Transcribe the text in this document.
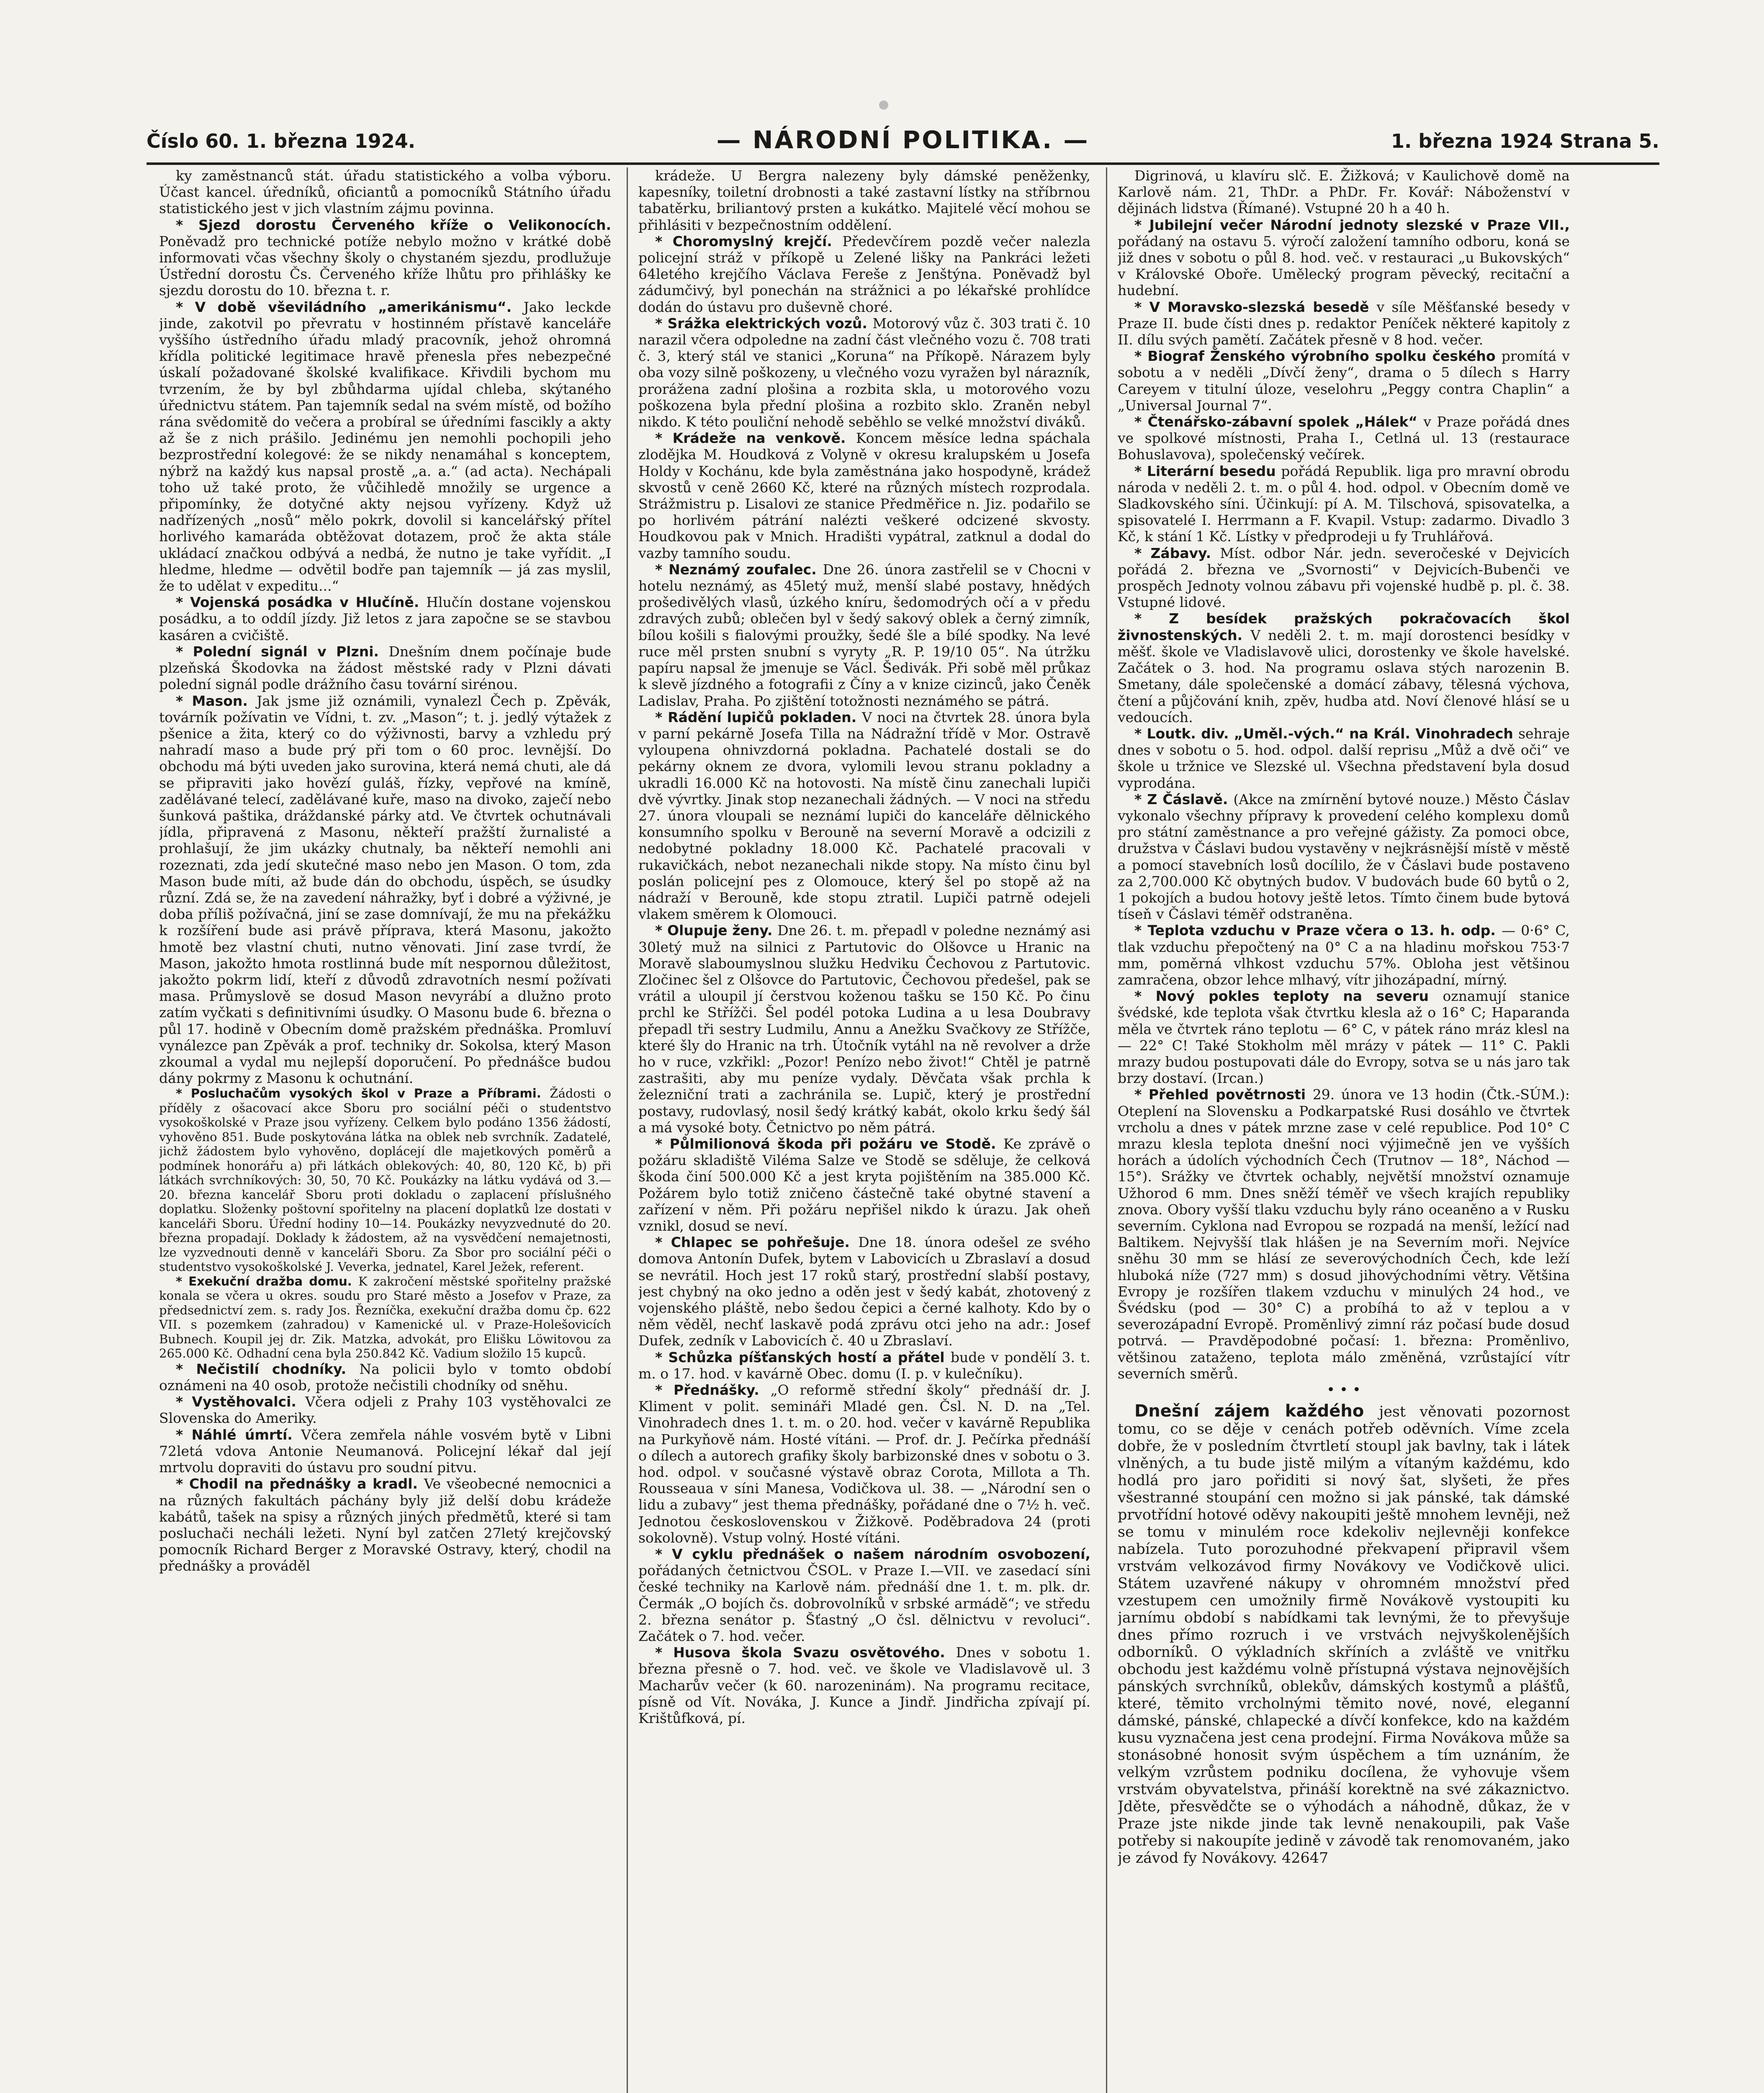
Číslo 60. 1. března 1924.	— NÁRODNÍ POLITIKA. —	1. března 1924 Strana 5.

ky zaměstnanců stát. úřadu statistického a volba výboru. Účast kancel. úředníků, oficiantů a pomocníků Státního úřadu statistického jest v jich vlastním zájmu povinna.

* Sjezd dorostu Červeného kříže o Velikonocích. Poněvadž pro technické potíže nebylo možno v krátké době informovati včas všechny školy o chystaném sjezdu, prodlužuje Ústřední dorostu Čs. Červeného kříže lhůtu pro přihlášky ke sjezdu dorostu do 10. března t. r.

* V době vševiládního „amerikánismu“. Jako leckde jinde, zakotvil po převratu v hostinném přístavě kanceláře vyššího ústředního úřadu mladý pracovník, jehož ohromná křídla politické legitimace hravě přenesla přes nebezpečné úskalí požadované školské kvalifikace. Křivdili bychom mu tvrzením, že by byl zbůhdarma ujídal chleba, skýtaného úřednictvu státem. Pan tajemník sedal na svém místě, od božího rána svědomitě do večera a probíral se úředními fascikly a akty až še z nich prášilo. Jedinému jen nemohli pochopili jeho bezprostřední kolegové: že se nikdy nenamáhal s konceptem, nýbrž na každý kus napsal prostě „a. a.“ (ad acta). Nechápali toho už také proto, že vůčihledě množily se urgence a připomínky, že dotyčné akty nejsou vyřízeny. Když už nadřízených „nosů“ mělo pokrk, dovolil si kancelářský přítel horlivého kamaráda obtěžovat dotazem, proč že akta stále ukládací značkou odbývá a nedbá, že nutno je take vyřídit. „I hledme, hledme — odvětil bodře pan tajemník — já zas myslil, že to udělat v expeditu...“

* Vojenská posádka v Hlučíně. Hlučín dostane vojenskou posádku, a to oddíl jízdy. Již letos z jara započne se se stavbou kasáren a cvičiště.

* Polední signál v Plzni. Dnešním dnem počínaje bude plzeňská Škodovka na žádost městské rady v Plzni dávati polední signál podle drážního času tovární sirénou.

* Mason. Jak jsme již oznámili, vynalezl Čech p. Zpěvák, továrník požívatin ve Vídni, t. zv. „Mason“; t. j. jedlý výtažek z pšenice a žita, který co do výživnosti, barvy a vzhledu prý nahradí maso a bude prý při tom o 60 proc. levnější. Do obchodu má býti uveden jako surovina, která nemá chuti, ale dá se připraviti jako hovězí guláš, řízky, vepřové na kmíně, zadělávané telecí, zadělávané kuře, maso na divoko, zaječí nebo šunková paštika, dráždanské párky atd. Ve čtvrtek ochutnávali jídla, připravená z Masonu, někteří pražští žurnalisté a prohlašují, že jim ukázky chutnaly, ba někteří nemohli ani rozeznati, zda jedí skutečné maso nebo jen Mason. O tom, zda Mason bude míti, až bude dán do obchodu, úspěch, se úsudky různí. Zdá se, že na zavedení náhražky, byť i dobré a výživné, je doba příliš požívačná, jiní se zase domnívají, že mu na překážku k rozšíření bude asi právě příprava, která Masonu, jakožto hmotě bez vlastní chuti, nutno věnovati. Jiní zase tvrdí, že Mason, jakožto hmota rostlinná bude mít nespornou důležitost, jakožto pokrm lidí, kteří z důvodů zdravotních nesmí požívati masa. Průmyslově se dosud Mason nevyrábí a dlužno proto zatím vyčkati s definitivními úsudky. O Masonu bude 6. března o půl 17. hodině v Obecním domě pražském přednáška. Promluví vynálezce pan Zpěvák a prof. techniky dr. Sokolsa, který Mason zkoumal a vydal mu nejlepší doporučení. Po přednášce budou dány pokrmy z Masonu k ochutnání.

* Posluchačům vysokých škol v Praze a Příbrami. Žádosti o příděly z ošacovací akce Sboru pro sociální péči o studentstvo vysokoškolské v Praze jsou vyřízeny. Celkem bylo podáno 1356 žádostí, vyhověno 851. Bude poskytována látka na oblek neb svrchník. Zadatelé, jichž žádostem bylo vyhověno, doplácejí dle majetkových poměrů a podmínek honorářu a) při látkách oblekových: 40, 80, 120 Kč, b) při látkách svrchníkových: 30, 50, 70 Kč. Poukázky na látku vydává od 3.—20. března kancelář Sboru proti dokladu o zaplacení příslušného doplatku. Složenky poštovní spořitelny na placení doplatků lze dostati v kanceláři Sboru. Úřední hodiny 10—14. Poukázky nevyzvednuté do 20. března propadají. Doklady k žádostem, až na vysvědčení nemajetnosti, lze vyzvednouti denně v kanceláři Sboru. Za Sbor pro sociální péči o studentstvo vysokoškolské J. Veverka, jednatel, Karel Ježek, referent.

* Exekuční dražba domu. K zakročení městské spořitelny pražské konala se včera u okres. soudu pro Staré město a Josefov v Praze, za předsednictví zem. s. rady Jos. Řezníčka, exekuční dražba domu čp. 622 VII. s pozemkem (zahradou) v Kamenické ul. v Praze-Holešovicích Bubnech. Koupil jej dr. Zik. Matzka, advokát, pro Elišku Löwitovou za 265.000 Kč. Odhadní cena byla 250.842 Kč. Vadium složilo 15 kupců.

* Nečistilí chodníky. Na policii bylo v tomto období oznámeni na 40 osob, protože nečistili chodníky od sněhu.

* Vystěhovalci. Včera odjeli z Prahy 103 vystěhovalci ze Slovenska do Ameriky.

* Náhlé úmrtí. Včera zemřela náhle vosvém bytě v Libni 72letá vdova Antonie Neumanová. Policejní lékař dal její mrtvolu dopraviti do ústavu pro soudní pitvu.

* Chodil na přednášky a kradl. Ve všeobecné nemocnici a na různých fakultách páchány byly již delší dobu krádeže kabátů, tašek na spisy a různých jiných předmětů, které si tam posluchači necháli ležeti. Nyní byl zatčen 27letý krejčovský pomocník Richard Berger z Moravské Ostravy, který, chodil na přednášky a prováděl

krádeže. U Bergra nalezeny byly dámské peněženky, kapesníky, toiletní drobnosti a také zastavní lístky na stříbrnou tabatěrku, briliantový prsten a kukátko. Majitelé věcí mohou se přihlásiti v bezpečnostním oddělení.

* Choromyslný krejčí. Předevčírem pozdě večer nalezla policejní stráž v příkopě u Zelené lišky na Pankráci ležeti 64letého krejčího Václava Fereše z Jenštýna. Poněvadž byl zádumčivý, byl ponechán na strážnici a po lékařské prohlídce dodán do ústavu pro duševně choré.

* Srážka elektrických vozů. Motorový vůz č. 303 trati č. 10 narazil včera odpoledne na zadní část vlečného vozu č. 708 trati č. 3, který stál ve stanici „Koruna“ na Příkopě. Nárazem byly oba vozy silně poškozeny, u vlečného vozu vyražen byl nárazník, prorážena zadní plošina a rozbita skla, u motorového vozu poškozena byla přední plošina a rozbito sklo. Zraněn nebyl nikdo. K této pouliční nehodě seběhlo se velké množství diváků.

* Krádeže na venkově. Koncem měsíce ledna spáchala zlodějka M. Houdková z Volyně v okresu kralupském u Josefa Holdy v Kochánu, kde byla zaměstnána jako hospodyně, krádež skvostů v ceně 2660 Kč, které na různých místech rozprodala. Strážmistru p. Lisalovi ze stanice Předměřice n. Jiz. podařilo se po horlivém pátrání nalézti veškeré odcizené skvosty. Houdkovou pak v Mnich. Hradišti vypátral, zatknul a dodal do vazby tamního soudu.

* Neznámý zoufalec. Dne 26. února zastřelil se v Chocni v hotelu neznámý, as 45letý muž, menší slabé postavy, hnědých prošedivělých vlasů, úzkého kníru, šedomodrých očí a v předu zdravých zubů; oblečen byl v šedý sakový oblek a černý zimník, bílou košili s fialovými proužky, šedé šle a bílé spodky. Na levé ruce měl prsten snubní s vyryty „R. P. 19/10 05“. Na útržku papíru napsal že jmenuje se Václ. Šedivák. Při sobě měl průkaz k slevě jízdného a fotografii z Číny a v knize cizinců, jako Čeněk Ladislav, Praha. Po zjištění totožnosti neznámého se pátrá.

* Rádění lupičů pokladen. V noci na čtvrtek 28. února byla v parní pekárně Josefa Tilla na Nádražní třídě v Mor. Ostravě vyloupena ohnivzdorná pokladna. Pachatelé dostali se do pekárny oknem ze dvora, vylomili levou stranu pokladny a ukradli 16.000 Kč na hotovosti. Na místě činu zanechali lupiči dvě vývrtky. Jinak stop nezanechali žádných. — V noci na středu 27. února vloupali se neznámí lupiči do kanceláře dělnického konsumního spolku v Berouně na severní Moravě a odcizili z nedobytné pokladny 18.000 Kč. Pachatelé pracovali v rukavičkách, nebot nezanechali nikde stopy. Na místo činu byl poslán policejní pes z Olomouce, který šel po stopě až na nádraží v Berouně, kde stopu ztratil. Lupiči patrně odejeli vlakem směrem k Olomouci.

* Olupuje ženy. Dne 26. t. m. přepadl v poledne neznámý asi 30letý muž na silnici z Partutovic do Olšovce u Hranic na Moravě slaboumyslnou služku Hedviku Čechovou z Partutovic. Zločinec šel z Olšovce do Partutovic, Čechovou předešel, pak se vrátil a uloupil jí čerstvou koženou tašku se 150 Kč. Po činu prchl ke Střížči. Šel podél potoka Ludina a u lesa Doubravy přepadl tři sestry Ludmilu, Annu a Anežku Svačkovy ze Střížče, které šly do Hranic na trh. Útočník vytáhl na ně revolver a drže ho v ruce, vzkřikl: „Pozor! Penízo nebo život!“ Chtěl je patrně zastrašiti, aby mu peníze vydaly. Děvčata však prchla k železniční trati a zachránila se. Lupič, který je prostřední postavy, rudovlasý, nosil šedý krátký kabát, okolo krku šedý šál a má vysoké boty. Četnictvo po něm pátrá.

* Půlmilionová škoda při požáru ve Stodě. Ke zprávě o požáru skladiště Viléma Salze ve Stodě se sděluje, že celková škoda činí 500.000 Kč a jest kryta pojištěním na 385.000 Kč. Požárem bylo totiž zničeno částečně také obytné stavení a zařízení v něm. Při požáru nepřišel nikdo k úrazu. Jak oheň vznikl, dosud se neví.

* Chlapec se pohřešuje. Dne 18. února odešel ze svého domova Antonín Dufek, bytem v Labovicích u Zbraslaví a dosud se nevrátil. Hoch jest 17 roků starý, prostřední slabší postavy, jest chybný na oko jedno a oděn jest v šedý kabát, zhotovený z vojenského pláště, nebo šedou čepici a černé kalhoty. Kdo by o něm věděl, nechť laskavě podá zprávu otci jeho na adr.: Josef Dufek, zedník v Labovicích č. 40 u Zbraslaví.

* Schůzka píšťanských hostí a přátel bude v pondělí 3. t. m. o 17. hod. v kavárně Obec. domu (I. p. v kulečníku).

* Přednášky. „O reformě střední školy“ přednáší dr. J. Kliment v polit. semináři Mladé gen. Čsl. N. D. na „Tel. Vinohradech dnes 1. t. m. o 20. hod. večer v kavárně Republika na Purkyňově nám. Hosté vítáni. — Prof. dr. J. Pečírka přednáší o dílech a autorech grafiky školy barbizonské dnes v sobotu o 3. hod. odpol. v současné výstavě obraz Corota, Millota a Th. Rousseauа v síni Manesa, Vodičkova ul. 38. — „Národní sen o lidu a zubavy“ jest thema přednášky, pořádané dne o 7½ h. več. Jednotou československou v Žižkově. Poděbradova 24 (proti sokolovně). Vstup volný. Hosté vítáni.

* V cyklu přednášek o našem národním osvobození, pořádaných četnictvou ČSOL. v Praze I.—VII. ve zasedací síni české techniky na Karlově nám. přednáší dne 1. t. m. plk. dr. Čermák „O bojích čs. dobrovolníků v srbské armádě“; ve středu 2. března senátor p. Šťastný „O čsl. dělnictvu v revoluci“. Začátek o 7. hod. večer.

* Husova škola Svazu osvětového. Dnes v sobotu 1. března přesně o 7. hod. več. ve škole ve Vladislavově ul. 3 Macharův večer (k 60. narozeninám). Na programu recitace, písně od Vít. Nováka, J. Kunce a Jindř. Jindřicha zpívají pí. Krištůfková, pí.

Digrinová, u klavíru slč. E. Žižková; v Kaulichově domě na Karlově nám. 21, ThDr. a PhDr. Fr. Kovář: Náboženství v dějinách lidstva (Římané). Vstupné 20 h a 40 h.

* Jubilejní večer Národní jednoty slezské v Praze VII., pořádaný na ostavu 5. výročí založení tamního odboru, koná se již dnes v sobotu o půl 8. hod. več. v restauraci „u Bukovských“ v Královské Oboře. Umělecký program pěvecký, recitační a hudební.

* V Moravsko-slezská besedě v síle Měšťanské besedy v Praze II. bude čísti dnes p. redaktor Peníček některé kapitoly z II. dílu svých pamětí. Začátek přesně v 8 hod. večer.

* Biograf Ženského výrobního spolku českého promítá v sobotu a v neděli „Dívčí ženy“, drama o 5 dílech s Harry Careyem v titulní úloze, veselohru „Peggy contra Chaplin“ a „Universal Journal 7“.

* Čtenářsko-zábavní spolek „Hálek“ v Praze pořádá dnes ve spolkové místnosti, Praha I., Cetlná ul. 13 (restaurace Bohuslavova), společenský večírek.

* Literární besedu pořádá Republik. liga pro mravní obrodu národa v neděli 2. t. m. o půl 4. hod. odpol. v Obecním domě ve Sladkovského síni. Účinkují: pí A. M. Tilschová, spisovatelka, a spisovatelé I. Herrmann a F. Kvapil. Vstup: zadarmo. Divadlo 3 Kč, k stání 1 Kč. Lístky v předprodeji u fy Truhlářová.

* Zábavy. Míst. odbor Nár. jedn. severočeské v Dejvicích pořádá 2. března ve „Svornosti“ v Dejvicích-Bubenči ve prospěch Jednoty volnou zábavu při vojenské hudbě p. pl. č. 38. Vstupné lidové.

* Z besídek pražských pokračovacích škol živnostenských. V neděli 2. t. m. mají dorostenci besídky v měšť. škole ve Vladislavově ulici, dorostenky ve škole havelské. Začátek o 3. hod. Na programu oslava stých narozenin B. Smetany, dále společenské a domácí zábavy, tělesná výchova, čtení a půjčování knih, zpěv, hudba atd. Noví členové hlásí se u vedoucích.

* Loutk. div. „Uměl.-vých.“ na Král. Vinohradech sehraje dnes v sobotu o 5. hod. odpol. další reprisu „Můž a dvě oči“ ve škole u tržnice ve Slezské ul. Všechna představení byla dosud vyprodána.

* Z Čáslavě. (Akce na zmírnění bytové nouze.) Město Čáslav vykonalo všechny přípravy k provedení celého komplexu domů pro státní zaměstnance a pro veřejné gážisty. Za pomoci obce, družstva v Čáslavi budou vystavěny v nejkrásnější místě v městě a pomocí stavebních losů docílilo, že v Čáslavi bude postaveno za 2,700.000 Kč obytných budov. V budovách bude 60 bytů o 2, 1 pokojích a budou hotovy ještě letos. Tímto činem bude bytová tíseň v Čáslavi téměř odstraněna.

* Teplota vzduchu v Praze včera o 13. h. odp. — 0·6° C, tlak vzduchu přepočtený na 0° C a na hladinu mořskou 753·7 mm, poměrná vlhkost vzduchu 57%. Obloha jest většinou zamračena, obzor lehce mlhavý, vítr jihozápadní, mírný.

* Nový pokles teploty na severu oznamují stanice švédské, kde teplota však čtvrtku klesla až o 16° C; Haparanda měla ve čtvrtek ráno teplotu — 6° C, v pátek ráno mráz klesl na — 22° C! Také Stokholm měl mrázy v pátek — 11° C. Pakli mrazy budou postupovati dále do Evropy, sotva se u nás jaro tak brzy dostaví. (Ircan.)

* Přehled povětrnosti 29. února ve 13 hodin (Čtk.-SÚM.): Oteplení na Slovensku a Podkarpatské Rusi dosáhlo ve čtvrtek vrcholu a dnes v pátek mrzne zase v celé republice. Pod 10° C mrazu klesla teplota dnešní noci výjimečně jen ve vyšších horách a údolích východních Čech (Trutnov — 18°, Náchod — 15°). Srážky ve čtvrtek ochably, největší množství oznamuje Užhorod 6 mm. Dnes sněží téměř ve všech krajích republiky znova. Obory vyšší tlaku vzduchu byly ráno oceaněno a v Rusku severním. Cyklona nad Evropou se rozpadá na menší, ležící nad Baltikem. Nejvyšší tlak hlášen je na Severním moři. Nejvíce sněhu 30 mm se hlásí ze severovýchodních Čech, kde leží hluboká níže (727 mm) s dosud jihovýchodními větry. Většina Evropy je rozšířen tlakem vzduchu v minulých 24 hod., ve Švédsku (pod — 30° C) a probíhá to až v teplou a v severozápadní Evropě. Proměnlivý zimní ráz počasí bude dosud potrvá. — Pravděpodobné počasí: 1. března: Proměnlivo, většinou zataženo, teplota málo změněná, vzrůstající vítr severních směrů.

• • •

Dnešní zájem každého jest věnovati pozornost tomu, co se děje v cenách potřeb oděvních. Víme zcela dobře, že v posledním čtvrtletí stoupl jak bavlny, tak i látek vlněných, a tu bude jistě milým a vítaným každému, kdo hodlá pro jaro pořiditi si nový šat, slyšeti, že přes všestranné stoupání cen možno si jak pánské, tak dámské prvotřídní hotové oděvy nakoupiti ještě mnohem levněji, než se tomu v minulém roce kdekoliv nejlevněji konfekce nabízela. Tuto porozuhodné překvapení připravil všem vrstvám velkozávod firmy Novákovy ve Vodičkově ulici. Státem uzavřené nákupy v ohromném množství před vzestupem cen umožnily firmě Novákově vystoupiti ku jarnímu období s nabídkami tak levnými, že to převyšuje dnes přímo rozruch i ve vrstvách nejvyškolenějších odborníků. O výkladních skříních a zvláště ve vnitřku obchodu jest každému volně přístupná výstava nejnovějších pánských svrchníků, oblekův, dámských kostymů a plášťů, které, těmito vrcholnými těmito nové, nové, eleganní dámské, pánské, chlapecké a dívčí konfekce, kdo na každém kusu vyznačena jest cena prodejní. Firma Novákova může sa stonásobné honosit svým úspěchem a tím uznáním, že velkým vzrůstem podniku docílena, že vyhovuje všem vrstvám obyvatelstva, přináší korektně na své zákaznictvo. Jděte, přesvědčte se o výhodách a náhodně, důkaz, že v Praze jste nikde jinde tak levně nenakoupili, pak Vaše potřeby si nakoupíte jedině v závodě tak renomovaném, jako je závod fy Novákovy. 42647
